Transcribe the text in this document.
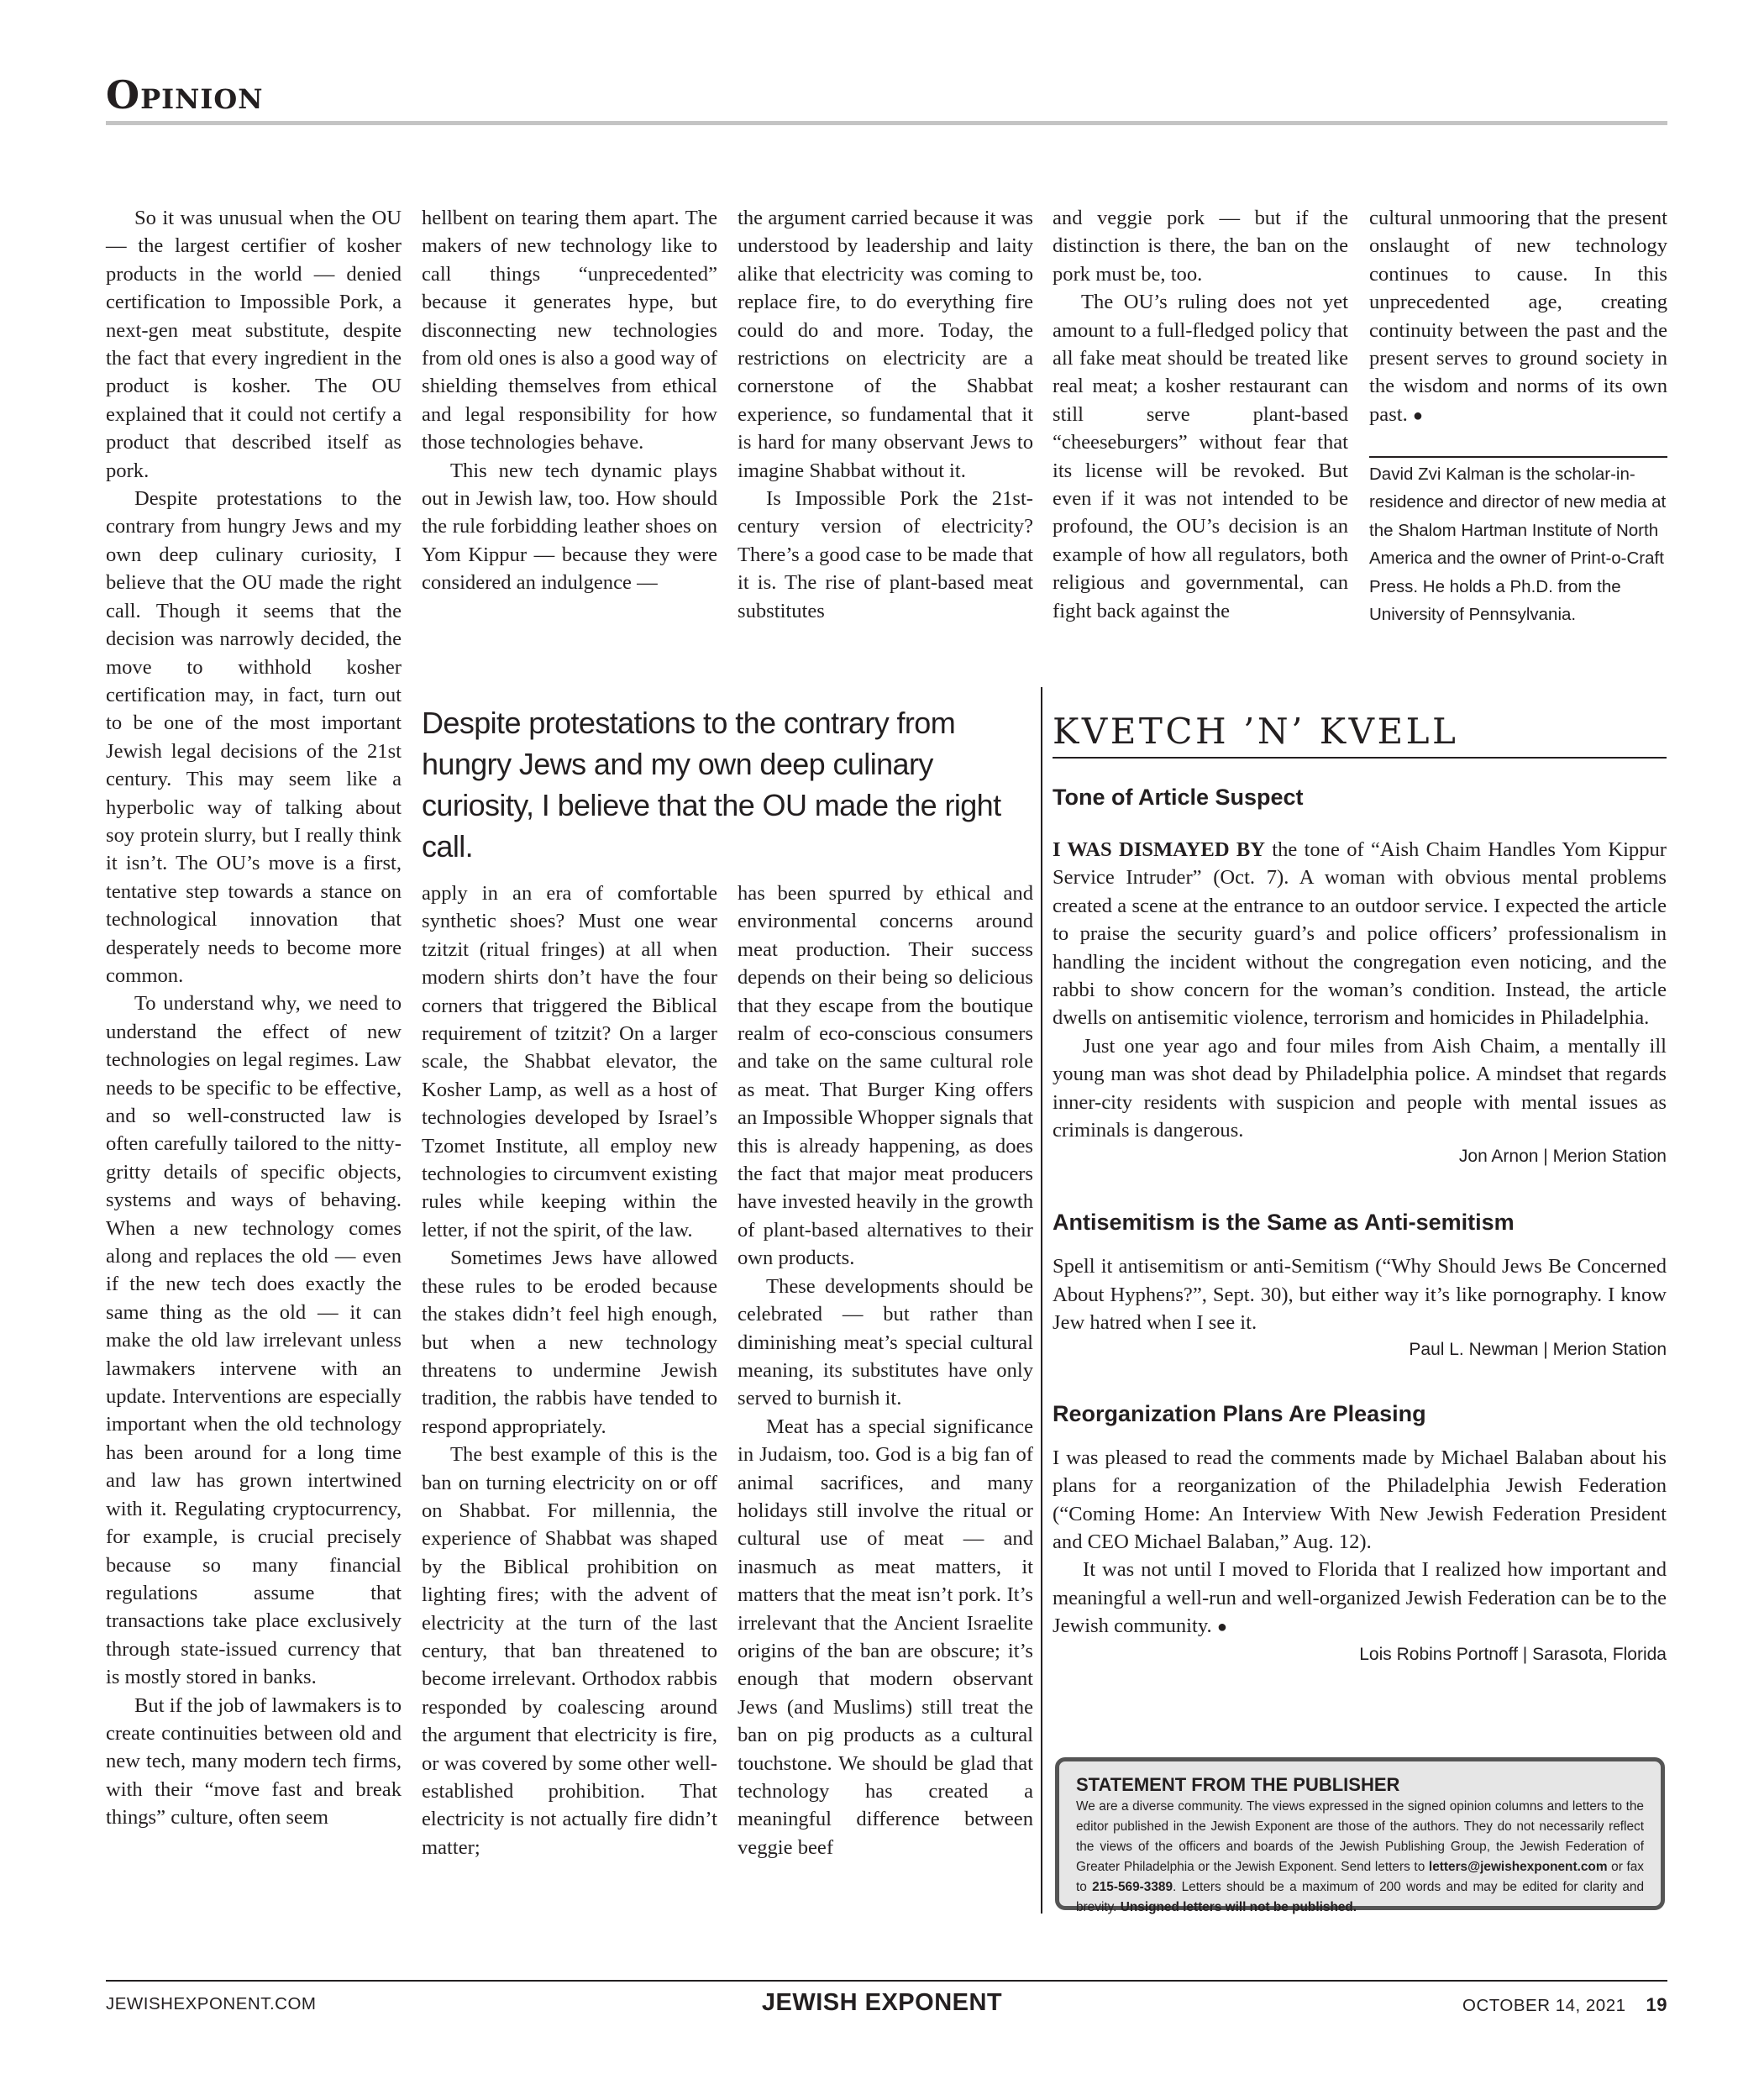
Opinion

So it was unusual when the OU — the largest certifier of kosher products in the world — denied certification to Impossible Pork, a next-gen meat substitute, despite the fact that every ingredient in the product is kosher. The OU explained that it could not certify a product that described itself as pork.

Despite protestations to the contrary from hungry Jews and my own deep culinary curiosity, I believe that the OU made the right call. Though it seems that the decision was narrowly decided, the move to withhold kosher certification may, in fact, turn out to be one of the most important Jewish legal decisions of the 21st century. This may seem like a hyperbolic way of talking about soy protein slurry, but I really think it isn’t. The OU’s move is a first, tentative step towards a stance on technological innovation that desperately needs to become more common.

To understand why, we need to understand the effect of new technologies on legal regimes. Law needs to be specific to be effective, and so well-constructed law is often carefully tailored to the nitty-gritty details of specific objects, systems and ways of behaving. When a new technology comes along and replaces the old — even if the new tech does exactly the same thing as the old — it can make the old law irrelevant unless lawmakers intervene with an update. Interventions are especially important when the old technology has been around for a long time and law has grown intertwined with it. Regulating cryptocurrency, for example, is crucial precisely because so many financial regulations assume that transactions take place exclusively through state-issued currency that is mostly stored in banks.

But if the job of lawmakers is to create continuities between old and new tech, many modern tech firms, with their “move fast and break things” culture, often seem

hellbent on tearing them apart. The makers of new technology like to call things “unprecedented” because it generates hype, but disconnecting new technologies from old ones is also a good way of shielding themselves from ethical and legal responsibility for how those technologies behave.

This new tech dynamic plays out in Jewish law, too. How should the rule forbidding leather shoes on Yom Kippur — because they were considered an indulgence —

the argument carried because it was understood by leadership and laity alike that electricity was coming to replace fire, to do everything fire could do and more. Today, the restrictions on electricity are a cornerstone of the Shabbat experience, so fundamental that it is hard for many observant Jews to imagine Shabbat without it.

Is Impossible Pork the 21st-century version of electricity? There’s a good case to be made that it is. The rise of plant-based meat substitutes

and veggie pork — but if the distinction is there, the ban on the pork must be, too.

The OU’s ruling does not yet amount to a full-fledged policy that all fake meat should be treated like real meat; a kosher restaurant can still serve plant-based “cheeseburgers” without fear that its license will be revoked. But even if it was not intended to be profound, the OU’s decision is an example of how all regulators, both religious and governmental, can fight back against the

cultural unmooring that the present onslaught of new technology continues to cause. In this unprecedented age, creating continuity between the past and the present serves to ground society in the wisdom and norms of its own past. ●

David Zvi Kalman is the scholar-in-residence and director of new media at the Shalom Hartman Institute of North America and the owner of Print-o-Craft Press. He holds a Ph.D. from the University of Pennsylvania.

Despite protestations to the contrary from hungry Jews and my own deep culinary curiosity, I believe that the OU made the right call.

apply in an era of comfortable synthetic shoes? Must one wear tzitzit (ritual fringes) at all when modern shirts don’t have the four corners that triggered the Biblical requirement of tzitzit? On a larger scale, the Shabbat elevator, the Kosher Lamp, as well as a host of technologies developed by Israel’s Tzomet Institute, all employ new technologies to circumvent existing rules while keeping within the letter, if not the spirit, of the law.

Sometimes Jews have allowed these rules to be eroded because the stakes didn’t feel high enough, but when a new technology threatens to undermine Jewish tradition, the rabbis have tended to respond appropriately.

The best example of this is the ban on turning electricity on or off on Shabbat. For millennia, the experience of Shabbat was shaped by the Biblical prohibition on lighting fires; with the advent of electricity at the turn of the last century, that ban threatened to become irrelevant. Orthodox rabbis responded by coalescing around the argument that electricity is fire, or was covered by some other well-established prohibition. That electricity is not actually fire didn’t matter;

has been spurred by ethical and environmental concerns around meat production. Their success depends on their being so delicious that they escape from the boutique realm of eco-conscious consumers and take on the same cultural role as meat. That Burger King offers an Impossible Whopper signals that this is already happening, as does the fact that major meat producers have invested heavily in the growth of plant-based alternatives to their own products.

These developments should be celebrated — but rather than diminishing meat’s special cultural meaning, its substitutes have only served to burnish it.

Meat has a special significance in Judaism, too. God is a big fan of animal sacrifices, and many holidays still involve the ritual or cultural use of meat — and inasmuch as meat matters, it matters that the meat isn’t pork. It’s irrelevant that the Ancient Israelite origins of the ban are obscure; it’s enough that modern observant Jews (and Muslims) still treat the ban on pig products as a cultural touchstone. We should be glad that technology has created a meaningful difference between veggie beef

KVETCH ’N’ KVELL
Tone of Article Suspect

I WAS DISMAYED BY the tone of “Aish Chaim Handles Yom Kippur Service Intruder” (Oct. 7). A woman with obvious mental problems created a scene at the entrance to an outdoor service. I expected the article to praise the security guard’s and police officers’ professionalism in handling the incident without the congregation even noticing, and the rabbi to show concern for the woman’s condition. Instead, the article dwells on antisemitic violence, terrorism and homicides in Philadelphia.

Just one year ago and four miles from Aish Chaim, a mentally ill young man was shot dead by Philadelphia police. A mindset that regards inner-city residents with suspicion and people with mental issues as criminals is dangerous.

Jon Arnon | Merion Station

Antisemitism is the Same as Anti-semitism

Spell it antisemitism or anti-Semitism (“Why Should Jews Be Concerned About Hyphens?”, Sept. 30), but either way it’s like pornography. I know Jew hatred when I see it.

Paul L. Newman | Merion Station

Reorganization Plans Are Pleasing

I was pleased to read the comments made by Michael Balaban about his plans for a reorganization of the Philadelphia Jewish Federation (“Coming Home: An Interview With New Jewish Federation President and CEO Michael Balaban,” Aug. 12).

It was not until I moved to Florida that I realized how important and meaningful a well-run and well-organized Jewish Federation can be to the Jewish community. ●

Lois Robins Portnoff | Sarasota, Florida

STATEMENT FROM THE PUBLISHER

We are a diverse community. The views expressed in the signed opinion columns and letters to the editor published in the Jewish Exponent are those of the authors. They do not necessarily reflect the views of the officers and boards of the Jewish Publishing Group, the Jewish Federation of Greater Philadelphia or the Jewish Exponent. Send letters to letters@jewishexponent.com or fax to 215-569-3389. Letters should be a maximum of 200 words and may be edited for clarity and brevity. Unsigned letters will not be published.

JEWISHEXPONENT.COM	JEWISH EXPONENT	OCTOBER 14, 2021 19
